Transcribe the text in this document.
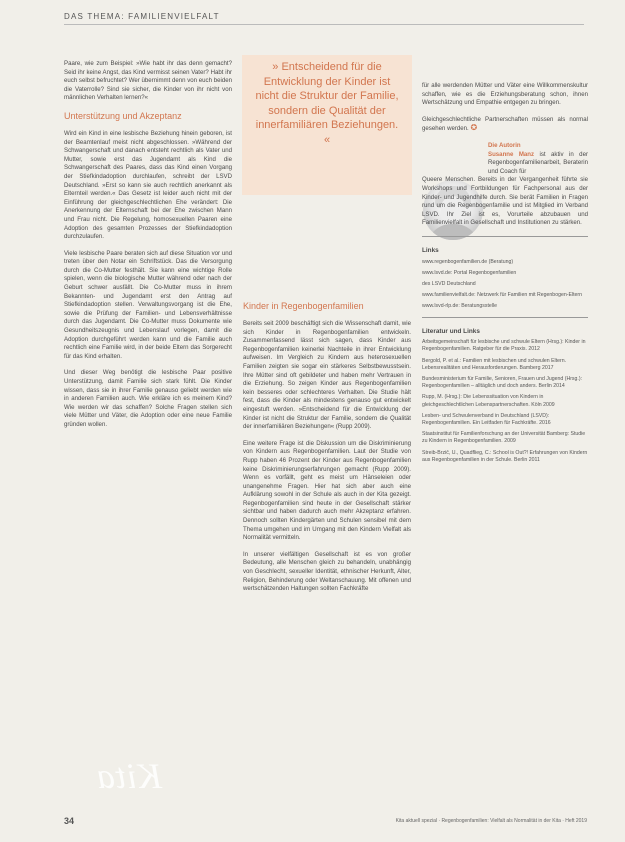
DAS THEMA: FAMILIENVIELFALT

Paare, wie zum Beispiel: »Wie habt ihr das denn gemacht? Seid ihr keine Angst, das Kind vermisst seinen Vater? Habt ihr euch selbst befruchtet? Wer übernimmt denn von euch beiden die Vaterrolle? Sind sie sicher, die Kinder von ihr nicht von männlichen Verhalten lernen?«

Unterstützung und Akzeptanz

Wird ein Kind in eine lesbische Beziehung hinein geboren, ist der Beamtenlauf meist nicht abgeschlossen. »Während der Schwangerschaft und danach entsteht rechtlich als Vater und Mutter, sowie erst das Jugendamt als Kind die Schwangerschaft des Paares, dass das Kind einen Vorgang der Stiefkindadoption durchlaufen, schreibt der LSVD Deutschland. »Erst so kann sie auch rechtlich anerkannt als Elternteil werden.« Das Gesetz ist leider auch nicht mit der Einführung der gleichgeschlechtlichen Ehe verändert: Die Anerkennung der Elternschaft bei der Ehe zwischen Mann und Frau nicht. Die Regelung, homosexuellen Paaren eine Adoption des gesamten Prozesses der Stiefkindadoption durchzulaufen.

Viele lesbische Paare beraten sich auf diese Situation vor und treten über den Notar ein Schriftstück. Das die Versorgung durch die Co-Mutter festhält. Sie kann eine wichtige Rolle spielen, wenn die biologische Mutter während oder nach der Geburt schwer ausfällt. Die Co-Mutter muss in ihrem Bekannten- und Jugendamt erst den Antrag auf Stiefkindadoption stellen. Verwaltungsvorgang ist die Ehe, sowie die Prüfung der Familien- und Lebensverhältnisse durch das Jugendamt. Die Co-Mutter muss Dokumente wie Gesundheitszeugnis und Lebenslauf vorlegen, damit die Adoption durchgeführt werden kann und die Familie auch rechtlich eine Familie wird, in der beide Eltern das Sorgerecht für das Kind erhalten.

Und dieser Weg benötigt die lesbische Paar positive Unterstützung, damit Familie sich stark fühlt. Die Kinder wissen, dass sie in ihrer Familie genauso geliebt werden wie in anderen Familien auch. Wie erkläre ich es meinem Kind? Wie werden wir das schaffen? Solche Fragen stellen sich viele Mütter und Väter, die Adoption oder eine neue Familie gründen wollen.

» Entscheidend für die Entwicklung der Kinder ist nicht die Struktur der Familie, sondern die Qualität der innerfamiliären Beziehungen. «
Kinder in Regenbogenfamilien

Bereits seit 2009 beschäftigt sich die Wissenschaft damit, wie sich Kinder in Regenbogenfamilien entwickeln. Zusammenfassend lässt sich sagen, dass Kinder aus Regenbogenfamilien keinerlei Nachteile in ihrer Entwicklung aufweisen. Im Vergleich zu Kindern aus heterosexuellen Familien zeigten sie sogar ein stärkeres Selbstbewusstsein. Ihre Mütter sind oft gebildeter und haben mehr Vertrauen in die Erziehung. So zeigen Kinder aus Regenbogenfamilien kein besseres oder schlechteres Verhalten. Die Studie hält fest, dass die Kinder als mindestens genauso gut entwickelt eingestuft werden. »Entscheidend für die Entwicklung der Kinder ist nicht die Struktur der Familie, sondern die Qualität der innerfamiliären Beziehungen« (Rupp 2009).

Eine weitere Frage ist die Diskussion um die Diskriminierung von Kindern aus Regenbogenfamilien. Laut der Studie von Rupp haben 46 Prozent der Kinder aus Regenbogenfamilien keine Diskriminierungserfahrungen gemacht (Rupp 2009). Wenn es vorfällt, geht es meist um Hänseleien oder unangenehme Fragen. Hier hat sich aber auch eine Aufklärung sowohl in der Schule als auch in der Kita gezeigt. Regenbogenfamilien sind heute in der Gesellschaft stärker sichtbar und haben dadurch auch mehr Akzeptanz erfahren. Dennoch sollten Kindergärten und Schulen sensibel mit dem Thema umgehen und im Umgang mit den Kindern Vielfalt als Normalität vermitteln.

In unserer vielfältigen Gesellschaft ist es von großer Bedeutung, alle Menschen gleich zu behandeln, unabhängig von Geschlecht, sexueller Identität, ethnischer Herkunft, Alter, Religion, Behinderung oder Weltanschauung. Mit offenen und wertschätzenden Haltungen sollten Fachkräfte

für alle werdenden Mütter und Väter eine Willkommenskultur schaffen, wie es die Erziehungsberatung schon, ihnen Wertschätzung und Empathie entgegen zu bringen.

Gleichgeschlechtliche Partnerschaften müssen als normal gesehen werden. ✪

Die Autorin
Susanne Manz ist aktiv in der Regenbogenfamilienarbeit, Beraterin und Coach für

Queere Menschen. Bereits in der Vergangenheit führte sie Workshops und Fortbildungen für Fachpersonal aus der Kinder- und Jugendhilfe durch. Sie berät Familien in Fragen rund um die Regenbogenfamilie und ist Mitglied im Verband LSVD. Ihr Ziel ist es, Vorurteile abzubauen und Familienvielfalt in Gesellschaft und Institutionen zu stärken.

Links

www.regenbogenfamilien.de (Beratung)

www.lsvd.de: Portal Regenbogenfamilien

des LSVD Deutschland

www.familienvielfalt.de: Netzwerk für Familien mit Regenbogen-Eltern

www.lsvd-rlp.de: Beratungsstelle

Literatur und Links

Arbeitsgemeinschaft für lesbische und schwule Eltern (Hrsg.): Kinder in Regenbogenfamilien. Ratgeber für die Praxis. 2012

Bergold, P. et al.: Familien mit lesbischen und schwulen Eltern. Lebensrealitäten und Herausforderungen. Bamberg 2017

Bundesministerium für Familie, Senioren, Frauen und Jugend (Hrsg.): Regenbogenfamilien – alltäglich und doch anders. Berlin 2014

Rupp, M. (Hrsg.): Die Lebenssituation von Kindern in gleichgeschlechtlichen Lebenspartnerschaften. Köln 2009

Lesben- und Schwulenverband in Deutschland (LSVD): Regenbogenfamilien. Ein Leitfaden für Fachkräfte. 2016

Staatsinstitut für Familienforschung an der Universität Bamberg: Studie zu Kindern in Regenbogenfamilien. 2009

Streib-Brzič, U., Quadflieg, C.: School is Out?! Erfahrungen von Kindern aus Regenbogenfamilien in der Schule. Berlin 2011

Kita
34	Kita aktuell spezial · Regenbogenfamilien: Vielfalt als Normalität in der Kita · Heft 2019
